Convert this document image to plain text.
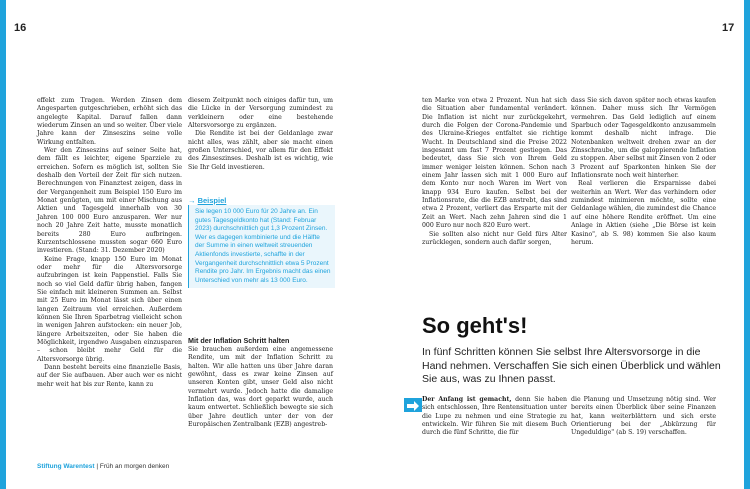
16	17

effekt zum Tragen. Werden Zinsen dem Angesparten gutgeschrieben, erhöht sich das angelegte Kapital. Darauf fallen dann wiederum Zinsen an und so weiter. Über viele Jahre kann der Zinseszins seine volle Wirkung entfalten.

Wer den Zinseszins auf seiner Seite hat, dem fällt es leichter, eigene Sparziele zu erreichen. Sofern es möglich ist, sollten Sie deshalb den Vorteil der Zeit für sich nutzen. Berechnungen von Finanztest zeigen, dass in der Vergangenheit zum Beispiel 150 Euro im Monat genügten, um mit einer Mischung aus Aktien und Tagesgeld innerhalb von 30 Jahren 100 000 Euro anzusparen. Wer nur noch 20 Jahre Zeit hatte, musste monatlich bereits 280 Euro aufbringen. Kurzentschlossene mussten sogar 660 Euro investieren. (Stand: 31. Dezember 2020)

Keine Frage, knapp 150 Euro im Monat oder mehr für die Altersvorsorge aufzubringen ist kein Pappenstiel. Falls Sie noch so viel Geld dafür übrig haben, fangen Sie einfach mit kleineren Summen an. Selbst mit 25 Euro im Monat lässt sich über einen langen Zeitraum viel erreichen. Außerdem können Sie Ihren Sparbetrag vielleicht schon in wenigen Jahren aufstocken: ein neuer Job, längere Arbeitszeiten, oder Sie haben die Möglichkeit, irgendwo Ausgaben einzusparen – schon bleibt mehr Geld für die Altersvorsorge übrig.

Dann besteht bereits eine finanzielle Basis, auf der Sie aufbauen. Aber auch wer es nicht mehr weit hat bis zur Rente, kann zu

diesem Zeitpunkt noch einiges dafür tun, um die Lücke in der Versorgung zumindest zu verkleinern oder eine bestehende Altersvorsorge zu ergänzen.

Die Rendite ist bei der Geldanlage zwar nicht alles, was zählt, aber sie macht einen großen Unterschied, vor allem für den Effekt des Zinseszinses. Deshalb ist es wichtig, wie Sie Ihr Geld investieren.

→ Beispiel
Sie legen 10 000 Euro für 20 Jahre an. Ein gutes Tagesgeldkonto hat (Stand: Februar 2023) durchschnittlich gut 1,3 Prozent Zinsen. Wer es dagegen kombinierte und die Hälfte der Summe in einen weltweit streuenden Aktienfonds investierte, schaffte in der Vergangenheit durchschnittlich etwa 5 Prozent Rendite pro Jahr. Im Ergebnis macht das einen Unterschied von mehr als 13 000 Euro.
Mit der Inflation Schritt halten

Sie brauchen außerdem eine angemessene Rendite, um mit der Inflation Schritt zu halten. Wir alle hatten uns über Jahre daran gewöhnt, dass es zwar keine Zinsen auf unseren Konten gibt, unser Geld also nicht vermehrt wurde. Jedoch hatte die damalige Inflation das, was dort geparkt wurde, auch kaum entwertet. Schließlich bewegte sie sich über Jahre deutlich unter der von der Europäischen Zentralbank (EZB) angestreb-

ten Marke von etwa 2 Prozent. Nun hat sich die Situation aber fundamental verändert. Die Inflation ist nicht nur zurückgekehrt, durch die Folgen der Corona-Pandemie und des Ukraine-Krieges entfaltet sie richtige Wucht. In Deutschland sind die Preise 2022 insgesamt um fast 7 Prozent gestiegen. Das bedeutet, dass Sie sich von Ihrem Geld immer weniger leisten können. Schon nach einem Jahr lassen sich mit 1 000 Euro auf dem Konto nur noch Waren im Wert von knapp 934 Euro kaufen. Selbst bei der Inflationsrate, die die EZB anstrebt, das sind etwa 2 Prozent, verliert das Ersparte mit der Zeit an Wert. Nach zehn Jahren sind die 1 000 Euro nur noch 820 Euro wert.

Sie sollten also nicht nur Geld fürs Alter zurücklegen, sondern auch dafür sorgen,

dass Sie sich davon später noch etwas kaufen können. Daher muss sich Ihr Vermögen vermehren. Das Geld lediglich auf einem Sparbuch oder Tagesgeldkonto anzusammeln kommt deshalb nicht infrage. Die Notenbanken weltweit drehen zwar an der Zinsschraube, um die galoppierende Inflation zu stoppen. Aber selbst mit Zinsen von 2 oder 3 Prozent auf Sparkonten hinken Sie der Inflationsrate noch weit hinterher.

Real verlieren die Ersparnisse dabei weiterhin an Wert. Wer das verhindern oder zumindest minimieren möchte, sollte eine Geldanlage wählen, die zumindest die Chance auf eine höhere Rendite eröffnet. Um eine Anlage in Aktien (siehe „Die Börse ist kein Kasino", ab S. 98) kommen Sie also kaum herum.

So geht's!
In fünf Schritten können Sie selbst Ihre Altersvorsorge in die Hand nehmen. Verschaffen Sie sich einen Überblick und wählen Sie aus, was zu Ihnen passt.

Der Anfang ist gemacht, denn Sie haben sich entschlossen, Ihre Rentensituation unter die Lupe zu nehmen und eine Strategie zu entwickeln. Wir führen Sie mit diesem Buch durch die fünf Schritte, die für

die Planung und Umsetzung nötig sind. Wer bereits einen Überblick über seine Finanzen hat, kann weiterblättern und sich erste Orientierung bei der „Abkürzung für Ungeduldige" (ab S. 19) verschaffen.

Stiftung Warentest | Früh an morgen denken
